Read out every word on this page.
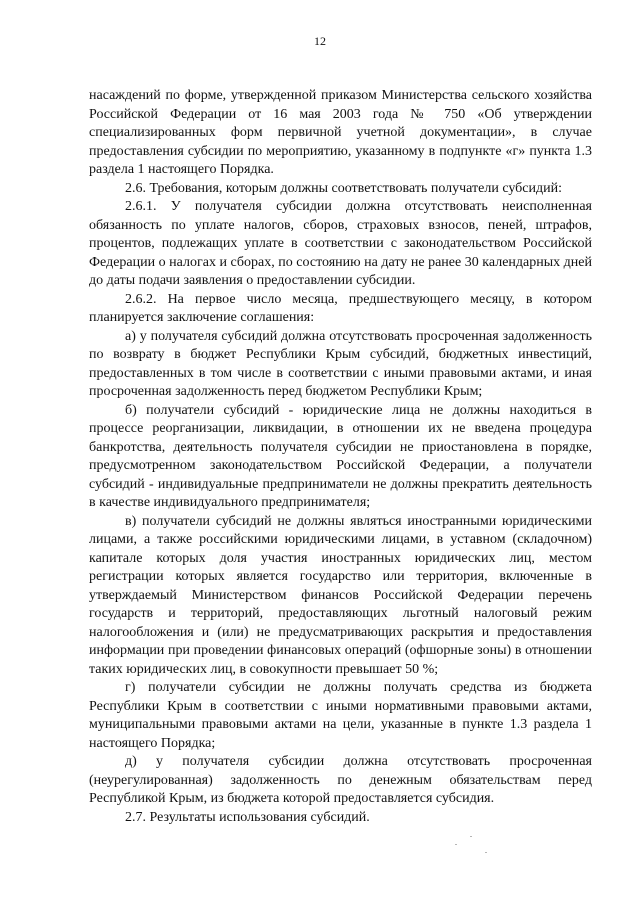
12

насаждений по форме, утвержденной приказом Министерства сельского хозяйства Российской Федерации от 16 мая 2003 года № 750 «Об утверждении специализированных форм первичной учетной документации», в случае предоставления субсидии по мероприятию, указанному в подпункте «г» пункта 1.3 раздела 1 настоящего Порядка.

2.6. Требования, которым должны соответствовать получатели субсидий:

2.6.1. У получателя субсидии должна отсутствовать неисполненная обязанность по уплате налогов, сборов, страховых взносов, пеней, штрафов, процентов, подлежащих уплате в соответствии с законодательством Российской Федерации о налогах и сборах, по состоянию на дату не ранее 30 календарных дней до даты подачи заявления о предоставлении субсидии.

2.6.2. На первое число месяца, предшествующего месяцу, в котором планируется заключение соглашения:

а) у получателя субсидий должна отсутствовать просроченная задолженность по возврату в бюджет Республики Крым субсидий, бюджетных инвестиций, предоставленных в том числе в соответствии с иными правовыми актами, и иная просроченная задолженность перед бюджетом Республики Крым;

б) получатели субсидий - юридические лица не должны находиться в процессе реорганизации, ликвидации, в отношении их не введена процедура банкротства, деятельность получателя субсидии не приостановлена в порядке, предусмотренном законодательством Российской Федерации, а получатели субсидий - индивидуальные предприниматели не должны прекратить деятельность в качестве индивидуального предпринимателя;

в) получатели субсидий не должны являться иностранными юридическими лицами, а также российскими юридическими лицами, в уставном (складочном) капитале которых доля участия иностранных юридических лиц, местом регистрации которых является государство или территория, включенные в утверждаемый Министерством финансов Российской Федерации перечень государств и территорий, предоставляющих льготный налоговый режим налогообложения и (или) не предусматривающих раскрытия и предоставления информации при проведении финансовых операций (офшорные зоны) в отношении таких юридических лиц, в совокупности превышает 50 %;

г) получатели субсидии не должны получать средства из бюджета Республики Крым в соответствии с иными нормативными правовыми актами, муниципальными правовыми актами на цели, указанные в пункте 1.3 раздела 1 настоящего Порядка;

д) у получателя субсидии должна отсутствовать просроченная (неурегулированная) задолженность по денежным обязательствам перед Республикой Крым, из бюджета которой предоставляется субсидия.

2.7. Результаты использования субсидий.
